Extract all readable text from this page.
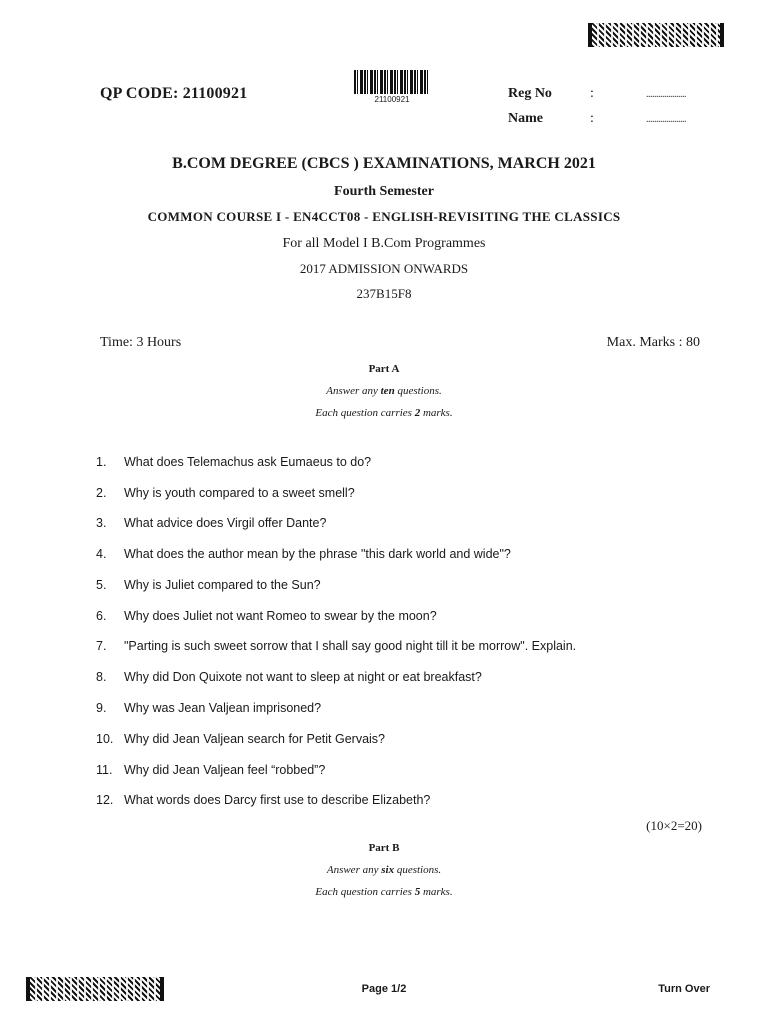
QP CODE: 21100921	21100921	Reg No	:	....................
Name	:	....................
B.COM DEGREE (CBCS ) EXAMINATIONS, MARCH 2021
Fourth Semester
COMMON COURSE I - EN4CCT08 - ENGLISH-REVISITING THE CLASSICS
For all Model I B.Com Programmes
2017 ADMISSION ONWARDS
237B15F8
Time: 3 Hours	Max. Marks : 80
Part A
Answer any ten questions.
Each question carries 2 marks.
1. What does Telemachus ask Eumaeus to do?
2. Why is youth compared to a sweet smell?
3. What advice does Virgil offer Dante?
4. What does the author mean by the phrase "this dark world and wide"?
5. Why is Juliet compared to the Sun?
6. Why does Juliet not want Romeo to swear by the moon?
7. "Parting is such sweet sorrow that I shall say good night till it be morrow". Explain.
8. Why did Don Quixote not want to sleep at night or eat breakfast?
9. Why was Jean Valjean imprisoned?
10. Why did Jean Valjean search for Petit Gervais?
11. Why did Jean Valjean feel “robbed”?
12. What words does Darcy first use to describe Elizabeth?
(10×2=20)
Part B
Answer any six questions.
Each question carries 5 marks.
Page 1/2	Turn Over
